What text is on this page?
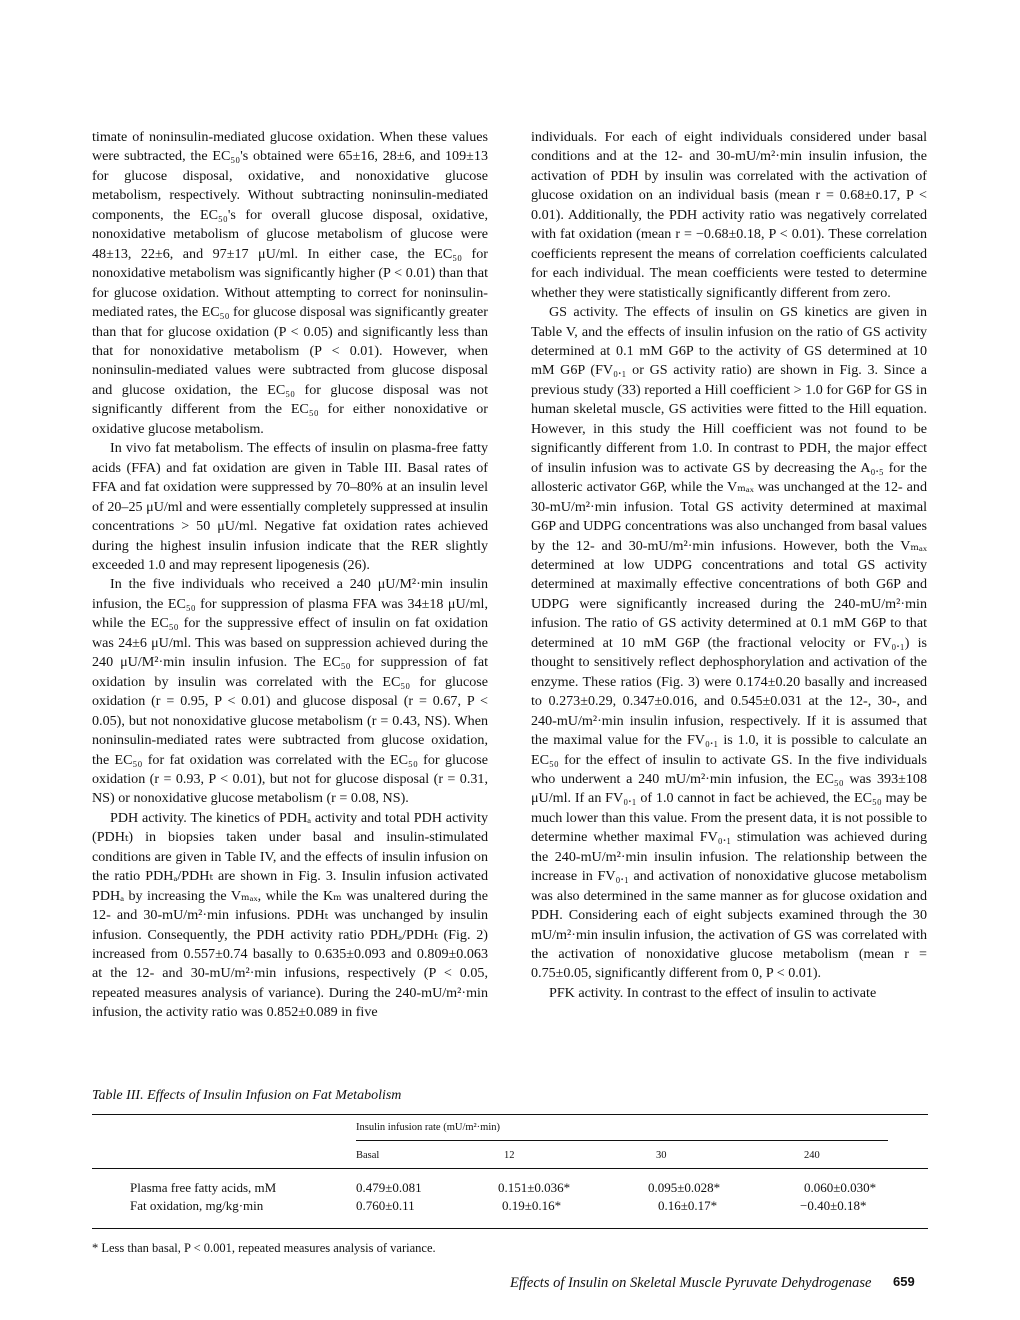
timate of noninsulin-mediated glucose oxidation. When these values were subtracted, the EC₅₀'s obtained were 65±16, 28±6, and 109±13 for glucose disposal, oxidative, and nonoxidative glucose metabolism, respectively. Without subtracting noninsulin-mediated components, the EC₅₀'s for overall glucose disposal, oxidative, nonoxidative metabolism of glucose metabolism of glucose were 48±13, 22±6, and 97±17 μU/ml. In either case, the EC₅₀ for nonoxidative metabolism was significantly higher (P < 0.01) than that for glucose oxidation. Without attempting to correct for noninsulin-mediated rates, the EC₅₀ for glucose disposal was significantly greater than that for glucose oxidation (P < 0.05) and significantly less than that for nonoxidative metabolism (P < 0.01). However, when noninsulin-mediated values were subtracted from glucose disposal and glucose oxidation, the EC₅₀ for glucose disposal was not significantly different from the EC₅₀ for either nonoxidative or oxidative glucose metabolism.

In vivo fat metabolism. The effects of insulin on plasma-free fatty acids (FFA) and fat oxidation are given in Table III. Basal rates of FFA and fat oxidation were suppressed by 70–80% at an insulin level of 20–25 μU/ml and were essentially completely suppressed at insulin concentrations > 50 μU/ml. Negative fat oxidation rates achieved during the highest insulin infusion indicate that the RER slightly exceeded 1.0 and may represent lipogenesis (26).

In the five individuals who received a 240 μU/M²·min insulin infusion, the EC₅₀ for suppression of plasma FFA was 34±18 μU/ml, while the EC₅₀ for the suppressive effect of insulin on fat oxidation was 24±6 μU/ml. This was based on suppression achieved during the 240 μU/M²·min insulin infusion. The EC₅₀ for suppression of fat oxidation by insulin was correlated with the EC₅₀ for glucose oxidation (r = 0.95, P < 0.01) and glucose disposal (r = 0.67, P < 0.05), but not nonoxidative glucose metabolism (r = 0.43, NS). When noninsulin-mediated rates were subtracted from glucose oxidation, the EC₅₀ for fat oxidation was correlated with the EC₅₀ for glucose oxidation (r = 0.93, P < 0.01), but not for glucose disposal (r = 0.31, NS) or nonoxidative glucose metabolism (r = 0.08, NS).

PDH activity. The kinetics of PDHₐ activity and total PDH activity (PDHₜ) in biopsies taken under basal and insulin-stimulated conditions are given in Table IV, and the effects of insulin infusion on the ratio PDHₐ/PDHₜ are shown in Fig. 3. Insulin infusion activated PDHₐ by increasing the Vₘₐₓ, while the Kₘ was unaltered during the 12- and 30-mU/m²·min infusions. PDHₜ was unchanged by insulin infusion. Consequently, the PDH activity ratio PDHₐ/PDHₜ (Fig. 2) increased from 0.557±0.74 basally to 0.635±0.093 and 0.809±0.063 at the 12- and 30-mU/m²·min infusions, respectively (P < 0.05, repeated measures analysis of variance). During the 240-mU/m²·min infusion, the activity ratio was 0.852±0.089 in five

individuals. For each of eight individuals considered under basal conditions and at the 12- and 30-mU/m²·min insulin infusion, the activation of PDH by insulin was correlated with the activation of glucose oxidation on an individual basis (mean r = 0.68±0.17, P < 0.01). Additionally, the PDH activity ratio was negatively correlated with fat oxidation (mean r = −0.68±0.18, P < 0.01). These correlation coefficients represent the means of correlation coefficients calculated for each individual. The mean coefficients were tested to determine whether they were statistically significantly different from zero.

GS activity. The effects of insulin on GS kinetics are given in Table V, and the effects of insulin infusion on the ratio of GS activity determined at 0.1 mM G6P to the activity of GS determined at 10 mM G6P (FV₀.₁ or GS activity ratio) are shown in Fig. 3. Since a previous study (33) reported a Hill coefficient > 1.0 for G6P for GS in human skeletal muscle, GS activities were fitted to the Hill equation. However, in this study the Hill coefficient was not found to be significantly different from 1.0. In contrast to PDH, the major effect of insulin infusion was to activate GS by decreasing the A₀.₅ for the allosteric activator G6P, while the Vₘₐₓ was unchanged at the 12- and 30-mU/m²·min infusion. Total GS activity determined at maximal G6P and UDPG concentrations was also unchanged from basal values by the 12- and 30-mU/m²·min infusions. However, both the Vₘₐₓ determined at low UDPG concentrations and total GS activity determined at maximally effective concentrations of both G6P and UDPG were significantly increased during the 240-mU/m²·min infusion. The ratio of GS activity determined at 0.1 mM G6P to that determined at 10 mM G6P (the fractional velocity or FV₀.₁) is thought to sensitively reflect dephosphorylation and activation of the enzyme. These ratios (Fig. 3) were 0.174±0.20 basally and increased to 0.273±0.29, 0.347±0.016, and 0.545±0.031 at the 12-, 30-, and 240-mU/m²·min insulin infusion, respectively. If it is assumed that the maximal value for the FV₀.₁ is 1.0, it is possible to calculate an EC₅₀ for the effect of insulin to activate GS. In the five individuals who underwent a 240 mU/m²·min infusion, the EC₅₀ was 393±108 μU/ml. If an FV₀.₁ of 1.0 cannot in fact be achieved, the EC₅₀ may be much lower than this value. From the present data, it is not possible to determine whether maximal FV₀.₁ stimulation was achieved during the 240-mU/m²·min insulin infusion. The relationship between the increase in FV₀.₁ and activation of nonoxidative glucose metabolism was also determined in the same manner as for glucose oxidation and PDH. Considering each of eight subjects examined through the 30 mU/m²·min insulin infusion, the activation of GS was correlated with the activation of nonoxidative glucose metabolism (mean r = 0.75±0.05, significantly different from 0, P < 0.01).

PFK activity. In contrast to the effect of insulin to activate

Table III. Effects of Insulin Infusion on Fat Metabolism
Insulin infusion rate (mU/m²·min)
Basal	12	30	240
Plasma free fatty acids, mM	0.479±0.081	0.151±0.036*	0.095±0.028*	0.060±0.030*
Fat oxidation, mg/kg·min	0.760±0.11	0.19±0.16*	0.16±0.17*	−0.40±0.18*
* Less than basal, P < 0.001, repeated measures analysis of variance.
Effects of Insulin on Skeletal Muscle Pyruvate Dehydrogenase 659
